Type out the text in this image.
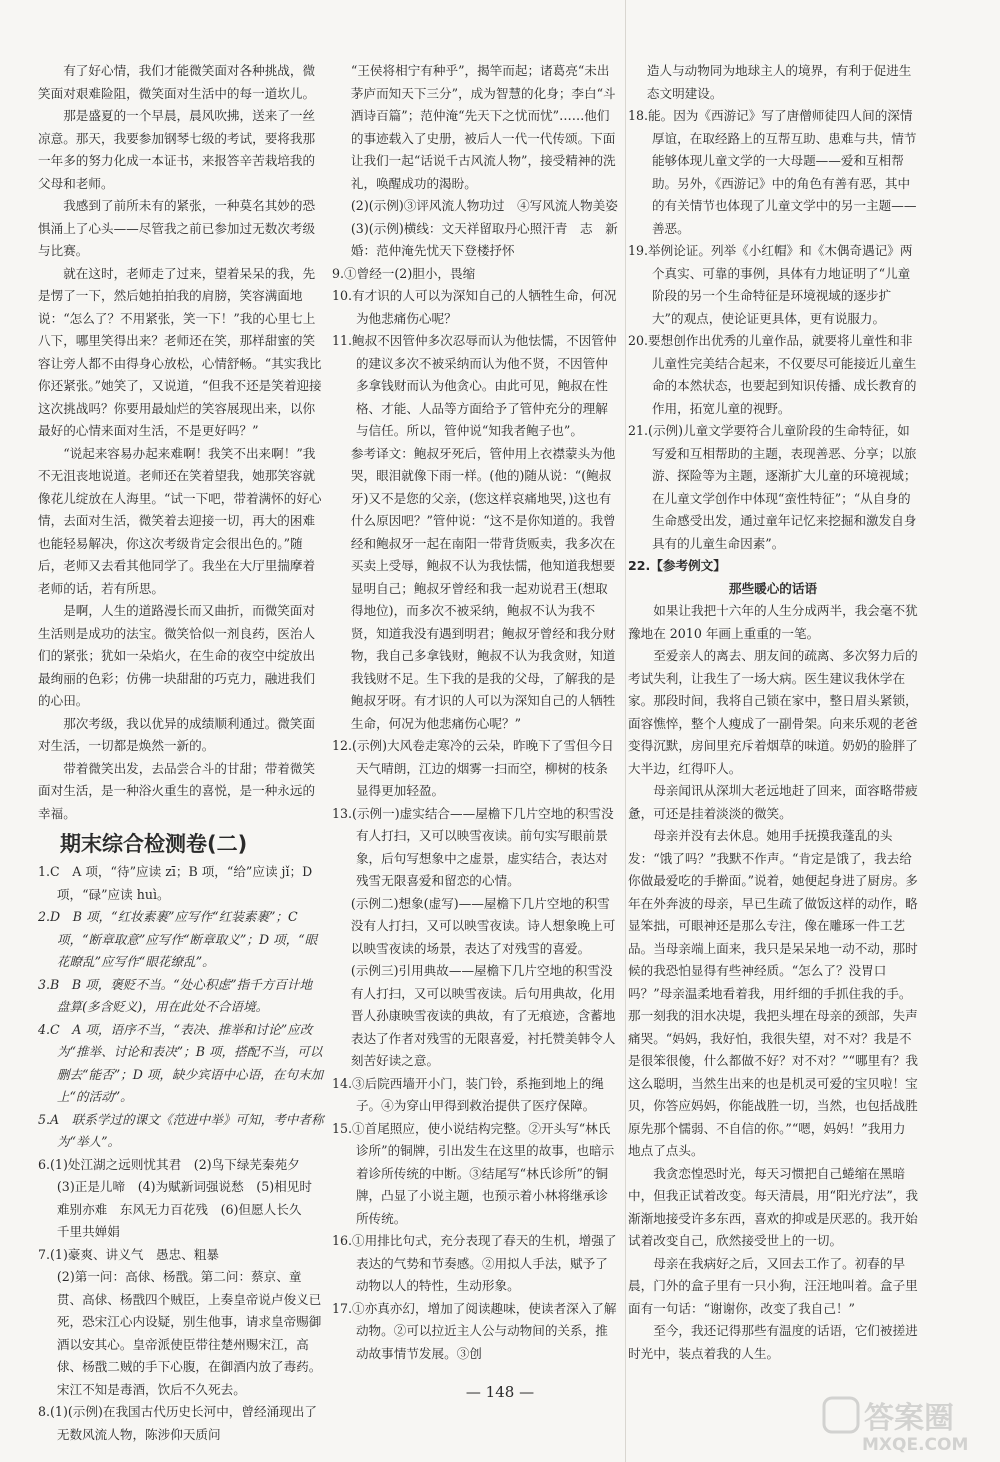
有了好心情，我们才能微笑面对各种挑战，微笑面对艰难险阻，微笑面对生活中的每一道坎儿。

那是盛夏的一个早晨，晨风吹拂，送来了一丝凉意。那天，我要参加钢琴七级的考试，要将我那一年多的努力化成一本证书，来报答辛苦栽培我的父母和老师。

我感到了前所未有的紧张，一种莫名其妙的恐惧涌上了心头——尽管我之前已参加过无数次考级与比赛。

就在这时，老师走了过来，望着呆呆的我，先是愣了一下，然后她拍拍我的肩膀，笑容满面地说：“怎么了？不用紧张，笑一下！”我的心里七上八下，哪里笑得出来？老师还在笑，那样甜蜜的笑容让旁人都不由得身心放松，心情舒畅。“其实我比你还紧张。”她笑了，又说道，“但我不还是笑着迎接这次挑战吗？你要用最灿烂的笑容展现出来，以你最好的心情来面对生活，不是更好吗？”

“说起来容易办起来难啊！我笑不出来啊！”我不无沮丧地说道。老师还在笑着望我，她那笑容就像花儿绽放在人海里。“试一下吧，带着满怀的好心情，去面对生活，微笑着去迎接一切，再大的困难也能轻易解决，你这次考级肯定会很出色的。”随后，老师又去看其他同学了。我坐在大厅里揣摩着老师的话，若有所思。

是啊，人生的道路漫长而又曲折，而微笑面对生活则是成功的法宝。微笑恰似一剂良药，医治人们的紧张；犹如一朵焰火，在生命的夜空中绽放出最绚丽的色彩；仿佛一块甜甜的巧克力，融进我们的心田。

那次考级，我以优异的成绩顺利通过。微笑面对生活，一切都是焕然一新的。

带着微笑出发，去品尝合斗的甘甜；带着微笑面对生活，是一种浴火重生的喜悦，是一种永远的幸福。

期末综合检测卷(二)

1.C　A 项，“待”应读 zī；B 项，“给”应读 jǐ；D 项，“碌”应读 huì。

2.D　B 项，“红妆素裹”应写作“红装素裹”；C 项，“断章取意”应写作“断章取义”；D 项，“眼花瞭乱”应写作“眼花缭乱”。

3.B　B 项，褒贬不当。“处心积虑”指千方百计地盘算(多含贬义)，用在此处不合语境。

4.C　A 项，语序不当，“表决、推举和讨论”应改为“推举、讨论和表决”；B 项，搭配不当，可以删去“能否”；D 项，缺少宾语中心语，在句末加上“的活动”。

5.A　联系学过的课文《范进中举》可知，考中者称为“举人”。

6.(1)处江湖之远则忧其君　(2)鸟下绿芜秦苑夕　(3)正是儿啼　(4)为赋新词强说愁　(5)相见时难别亦难　东风无力百花残　(6)但愿人长久　千里共婵娟

7.(1)豪爽、讲义气　愚忠、粗暴

(2)第一问：高俅、杨戬。第二问：蔡京、童贯、高俅、杨戬四个贼臣，上奏皇帝说卢俊义已死，恐宋江心内设疑，别生他事，请求皇帝赐御酒以安其心。皇帝派使臣带往楚州赐宋江，高俅、杨戬二贼的手下心腹，在御酒内放了毒药。宋江不知是毒酒，饮后不久死去。

8.(1)(示例)在我国古代历史长河中，曾经涌现出了无数风流人物，陈涉仰天质问

“王侯将相宁有种乎”，揭竿而起；诸葛亮“未出茅庐而知天下三分”，成为智慧的化身；李白“斗酒诗百篇”；范仲淹“先天下之忧而忧”……他们的事迹载入了史册，被后人一代一代传颂。下面让我们一起“话说千古风流人物”，接受精神的洗礼，唤醒成功的渴盼。

(2)(示例)③评风流人物功过　④写风流人物美姿

(3)(示例)横线：文天祥留取丹心照汗青　志　新婚：范仲淹先忧天下登楼抒怀

9.①曾经一(2)胆小，畏缩

10.有才识的人可以为深知自己的人牺牲生命，何况为他悲痛伤心呢？

11.鲍叔不因管仲多次忍辱而认为他怯懦，不因管仲的建议多次不被采纳而认为他不贤，不因管仲多拿钱财而认为他贪心。由此可见，鲍叔在性格、才能、人品等方面给予了管仲充分的理解与信任。所以，管仲说“知我者鲍子也”。

参考译文：鲍叔牙死后，管仲用上衣襟蒙头为他哭，眼泪就像下雨一样。(他的)随从说：“(鲍叔牙)又不是您的父亲，(您这样哀痛地哭，)这也有什么原因吧？”管仲说：“这不是你知道的。我曾经和鲍叔牙一起在南阳一带背货贩卖，我多次在买卖上受辱，鲍叔不认为我怯懦，他知道我想要显明自己；鲍叔牙曾经和我一起劝说君王(想取得地位)，而多次不被采纳，鲍叔不认为我不贤，知道我没有遇到明君；鲍叔牙曾经和我分财物，我自己多拿钱财，鲍叔不认为我贪财，知道我钱财不足。生下我的是我的父母，了解我的是鲍叔牙呀。有才识的人可以为深知自己的人牺牲生命，何况为他悲痛伤心呢？”

12.(示例)大风卷走寒冷的云朵，昨晚下了雪但今日天气晴朗，江边的烟雾一扫而空，柳树的枝条显得更加轻盈。

13.(示例一)虚实结合——屋檐下几片空地的积雪没有人打扫，又可以映雪夜读。前句实写眼前景象，后句写想象中之虚景，虚实结合，表达对残雪无限喜爱和留恋的心情。

(示例二)想象(虚写)——屋檐下几片空地的积雪没有人打扫，又可以映雪夜读。诗人想象晚上可以映雪夜读的场景，表达了对残雪的喜爱。

(示例三)引用典故——屋檐下几片空地的积雪没有人打扫，又可以映雪夜读。后句用典故，化用晋人孙康映雪夜读的典故，有了无痕迹，含蓄地表达了作者对残雪的无限喜爱，衬托赞美韩令人刻苦好读之意。

14.③后院西墙开小门，装门铃，系拖到地上的绳子。④为穿山甲得到救治提供了医疗保障。

15.①首尾照应，使小说结构完整。②开头写“林氏诊所”的铜牌，引出发生在这里的故事，也暗示着诊所传统的中断。③结尾写“林氏诊所”的铜牌，凸显了小说主题，也预示着小林将继承诊所传统。

16.①用排比句式，充分表现了春天的生机，增强了表达的气势和节奏感。②用拟人手法，赋予了动物以人的特性，生动形象。

17.①亦真亦幻，增加了阅读趣味，使读者深入了解动物。②可以拉近主人公与动物间的关系，推动故事情节发展。③创

造人与动物同为地球主人的境界，有利于促进生态文明建设。

18.能。因为《西游记》写了唐僧师徒四人间的深情厚谊，在取经路上的互帮互助、患难与共，情节能够体现儿童文学的一大母题——爱和互相帮助。另外，《西游记》中的角色有善有恶，其中的有关情节也体现了儿童文学中的另一主题——善恶。

19.举例论证。列举《小红帽》和《木偶奇遇记》两个真实、可靠的事例，具体有力地证明了“儿童阶段的另一个生命特征是环境视域的逐步扩大”的观点，使论证更具体，更有说服力。

20.要想创作出优秀的儿童作品，就要将儿童性和非儿童性完美结合起来，不仅要尽可能接近儿童生命的本然状态，也要起到知识传播、成长教育的作用，拓宽儿童的视野。

21.(示例)儿童文学要符合儿童阶段的生命特征，如写爱和互相帮助的主题，表现善恶、分享；以旅游、探险等为主题，逐渐扩大儿童的环境视域；在儿童文学创作中体现“蛮性特征”；“从自身的生命感受出发，通过童年记忆来挖掘和激发自身具有的儿童生命因素”。

22.【参考例文】

那些暖心的话语

如果让我把十六年的人生分成两半，我会毫不犹豫地在 2010 年画上重重的一笔。

至爱亲人的离去、朋友间的疏离、多次努力后的考试失利，让我生了一场大病。医生建议我休学在家。那段时间，我将自己锁在家中，整日眉头紧锁，面容憔悴，整个人瘦成了一副骨架。向来乐观的老爸变得沉默，房间里充斥着烟草的味道。奶奶的脸胖了大半边，红得吓人。

母亲闻讯从深圳大老远地赶了回来，面容略带疲惫，可还是挂着淡淡的微笑。

母亲并没有去休息。她用手抚摸我蓬乱的头发：“饿了吗？”我默不作声。“肯定是饿了，我去给你做最爱吃的手擀面。”说着，她便起身进了厨房。多年在外奔波的母亲，早已生疏了做饭这样的动作，略显笨拙，可眼神还是那么专注，像在雕琢一件工艺品。当母亲端上面来，我只是呆呆地一动不动，那时候的我恐怕显得有些神经质。“怎么了？没胃口吗？”母亲温柔地看着我，用纤细的手抓住我的手。那一刻我的泪水决堤，我把头埋在母亲的颈部，失声痛哭。“妈妈，我好怕，我很失望，对不对？我是不是很笨很傻，什么都做不好？对不对？”“哪里有？我这么聪明，当然生出来的也是机灵可爱的宝贝啦！宝贝，你答应妈妈，你能战胜一切，当然，也包括战胜原先那个懦弱、不自信的你。”“嗯，妈妈！”我用力地点了点头。

我贪恋惶恐时光，每天习惯把自己蜷缩在黑暗中，但我正试着改变。每天清晨，用“阳光疗法”，我渐渐地接受许多东西，喜欢的抑或是厌恶的。我开始试着改变自己，欣然接受世上的一切。

母亲在我病好之后，又回去工作了。初春的早晨，门外的盒子里有一只小狗，汪汪地叫着。盒子里面有一句话：“谢谢你，改变了我自己！”

至今，我还记得那些有温度的话语，它们被搓进时光中，装点着我的人生。

— 148 —
答案圈
MXQE.COM
